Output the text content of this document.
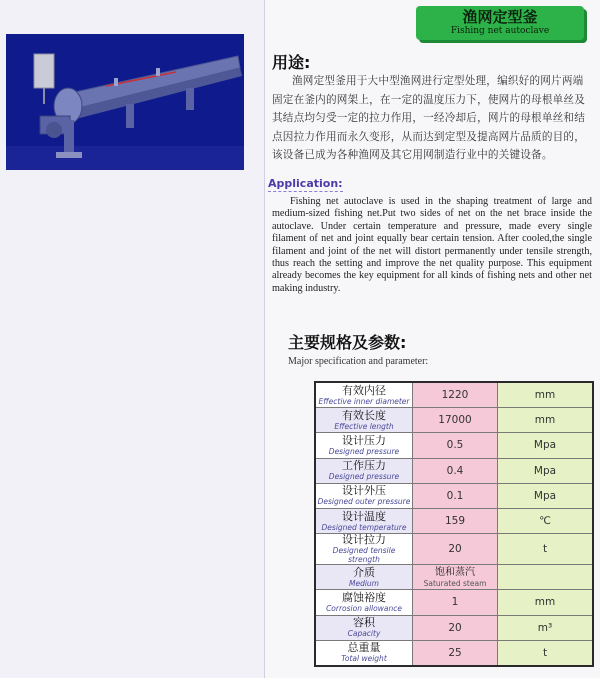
渔网定型釜
Fishing net autoclave
用途:
渔网定型釜用于大中型渔网进行定型处理，编织好的网片两端固定在釜内的网架上，在一定的温度压力下，使网片的母根单丝及其结点均匀受一定的拉力作用，一经冷却后，网片的母根单丝和结点因拉力作用而永久变形，从而达到定型及提高网片品质的目的，该设备已成为各种渔网及其它用网制造行业中的关键设备。
Application:
Fishing net autoclave is used in the shaping treatment of large and medium-sized fishing net.Put two sides of net on the net brace inside the autoclave. Under certain temperature and pressure, made every single filament of net and joint equally bear certain tension. After cooled,the single filament and joint of the net will distort permanently under tensile strength, thus reach the setting and improve the net quality purpose. This equipment already becomes the key equipment for all kinds of fishing nets and other net making industry.
主要规格及参数:
Major specification and parameter:
有效内径
Effective inner diameter	1220	mm

有效长度
Effective length	17000	mm

设计压力
Designed pressure	0.5	Mpa

工作压力
Designed pressure	0.4	Mpa

设计外压
Designed outer pressure	0.1	Mpa

设计温度
Designed temperature	159	℃

设计拉力
Designed tensile strength	20	t

介质
Medium	饱和蒸汽
Saturated steam	

腐蚀裕度
Corrosion allowance	1	mm

容积
Capacity	20	m³

总重量
Total weight	25	t
